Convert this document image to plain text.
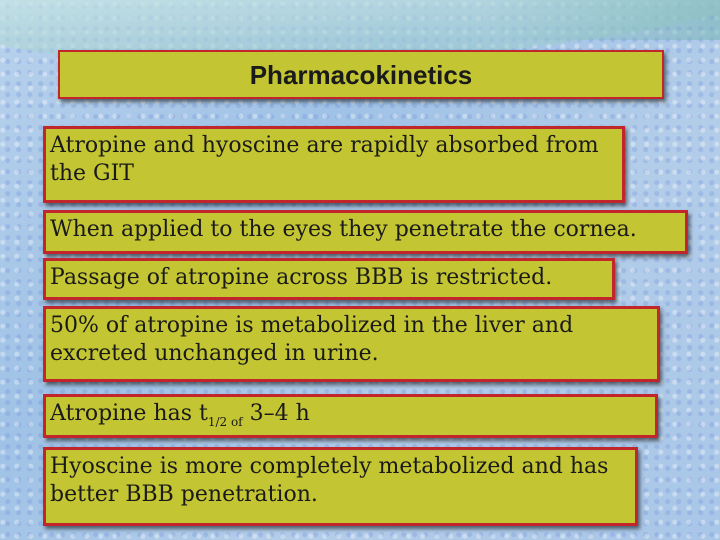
Pharmacokinetics
Atropine and hyoscine are rapidly absorbed from the GIT
When applied to the eyes they penetrate the cornea.
Passage of atropine across BBB is restricted.
50% of atropine is metabolized in the liver and excreted unchanged in urine.
Atropine has $t_{1/2 of}$ 3–4 h
Hyoscine is more completely metabolized and has better BBB penetration.
